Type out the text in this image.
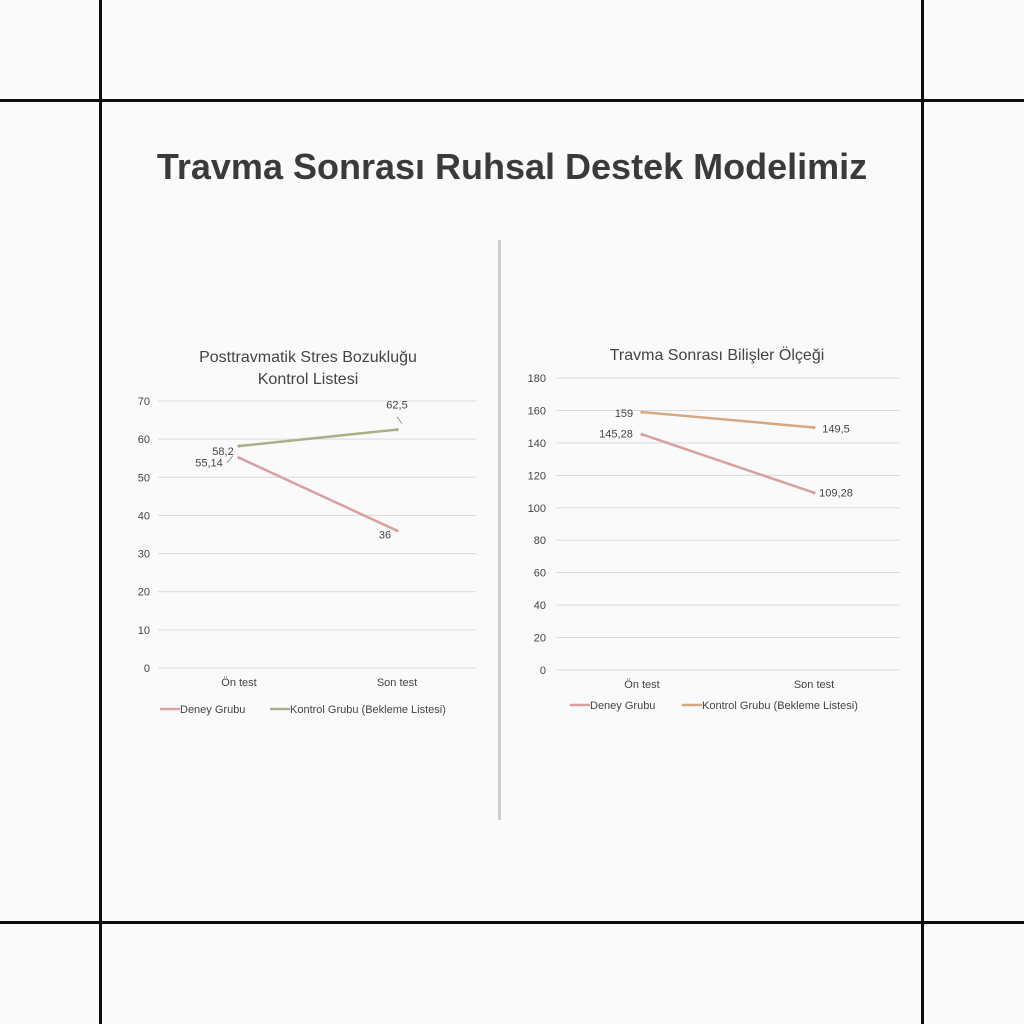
Travma Sonrası Ruhsal Destek Modelimiz
Posttravmatik Stres Bozukluğu
Kontrol Listesi
0
10
20
30
40
50
60
70
Ön test	Son test
55,14
36
58,2
62,5
Deney Grubu	Kontrol Grubu (Bekleme Listesi)
Travma Sonrası Bilişler Ölçeği
0
20
40
60
80
100
120
140
160
180
Ön test	Son test
145,28
109,28
159
149,5
Deney Grubu	Kontrol Grubu (Bekleme Listesi)
